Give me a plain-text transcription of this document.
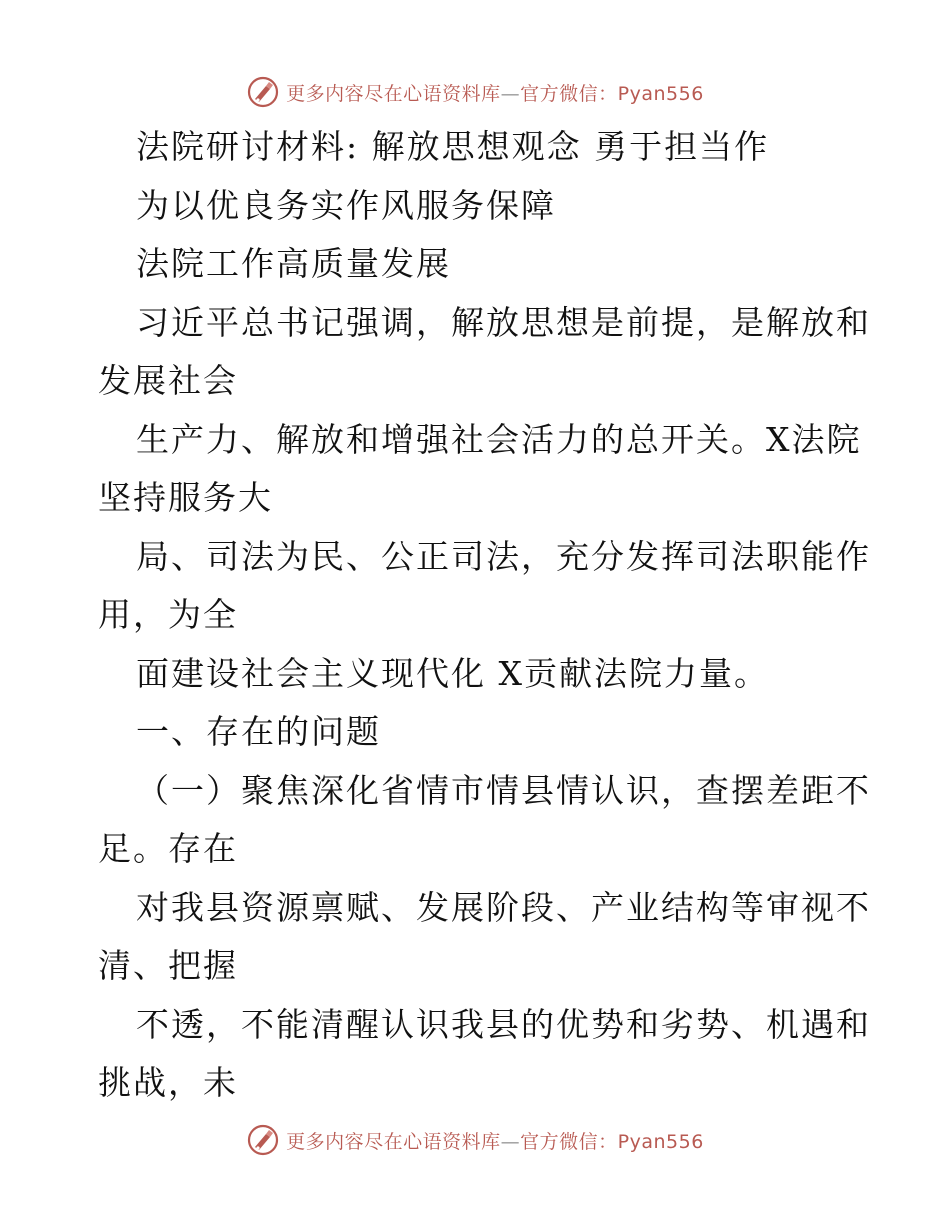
更多内容尽在心语资料库—官方微信：Pyan556
法院研讨材料: 解放思想观念 勇于担当作
为以优良务实作风服务保障
法院工作高质量发展
习近平总书记强调，解放思想是前提，是解放和
发展社会
生产力、解放和增强社会活力的总开关。X法院
坚持服务大
局、司法为民、公正司法，充分发挥司法职能作
用，为全
面建设社会主义现代化 X贡献法院力量。
一、存在的问题
（一）聚焦深化省情市情县情认识，查摆差距不
足。存在
对我县资源禀赋、发展阶段、产业结构等审视不
清、把握
不透，不能清醒认识我县的优势和劣势、机遇和
挑战，未
更多内容尽在心语资料库—官方微信：Pyan556
